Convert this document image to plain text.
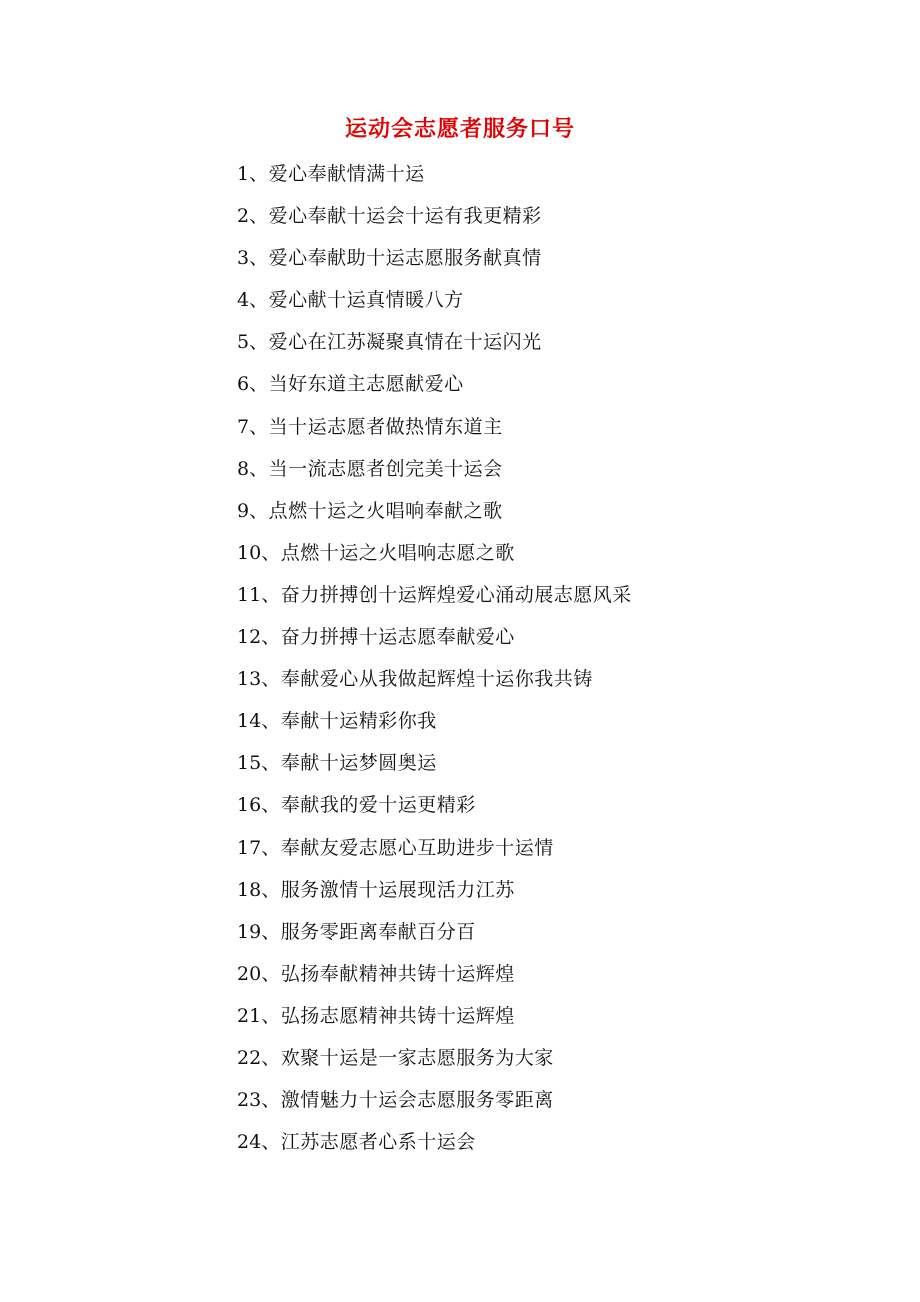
运动会志愿者服务口号
1、爱心奉献情满十运
2、爱心奉献十运会十运有我更精彩
3、爱心奉献助十运志愿服务献真情
4、爱心献十运真情暖八方
5、爱心在江苏凝聚真情在十运闪光
6、当好东道主志愿献爱心
7、当十运志愿者做热情东道主
8、当一流志愿者创完美十运会
9、点燃十运之火唱响奉献之歌
10、点燃十运之火唱响志愿之歌
11、奋力拼搏创十运辉煌爱心涌动展志愿风采
12、奋力拼搏十运志愿奉献爱心
13、奉献爱心从我做起辉煌十运你我共铸
14、奉献十运精彩你我
15、奉献十运梦圆奥运
16、奉献我的爱十运更精彩
17、奉献友爱志愿心互助进步十运情
18、服务激情十运展现活力江苏
19、服务零距离奉献百分百
20、弘扬奉献精神共铸十运辉煌
21、弘扬志愿精神共铸十运辉煌
22、欢聚十运是一家志愿服务为大家
23、激情魅力十运会志愿服务零距离
24、江苏志愿者心系十运会
